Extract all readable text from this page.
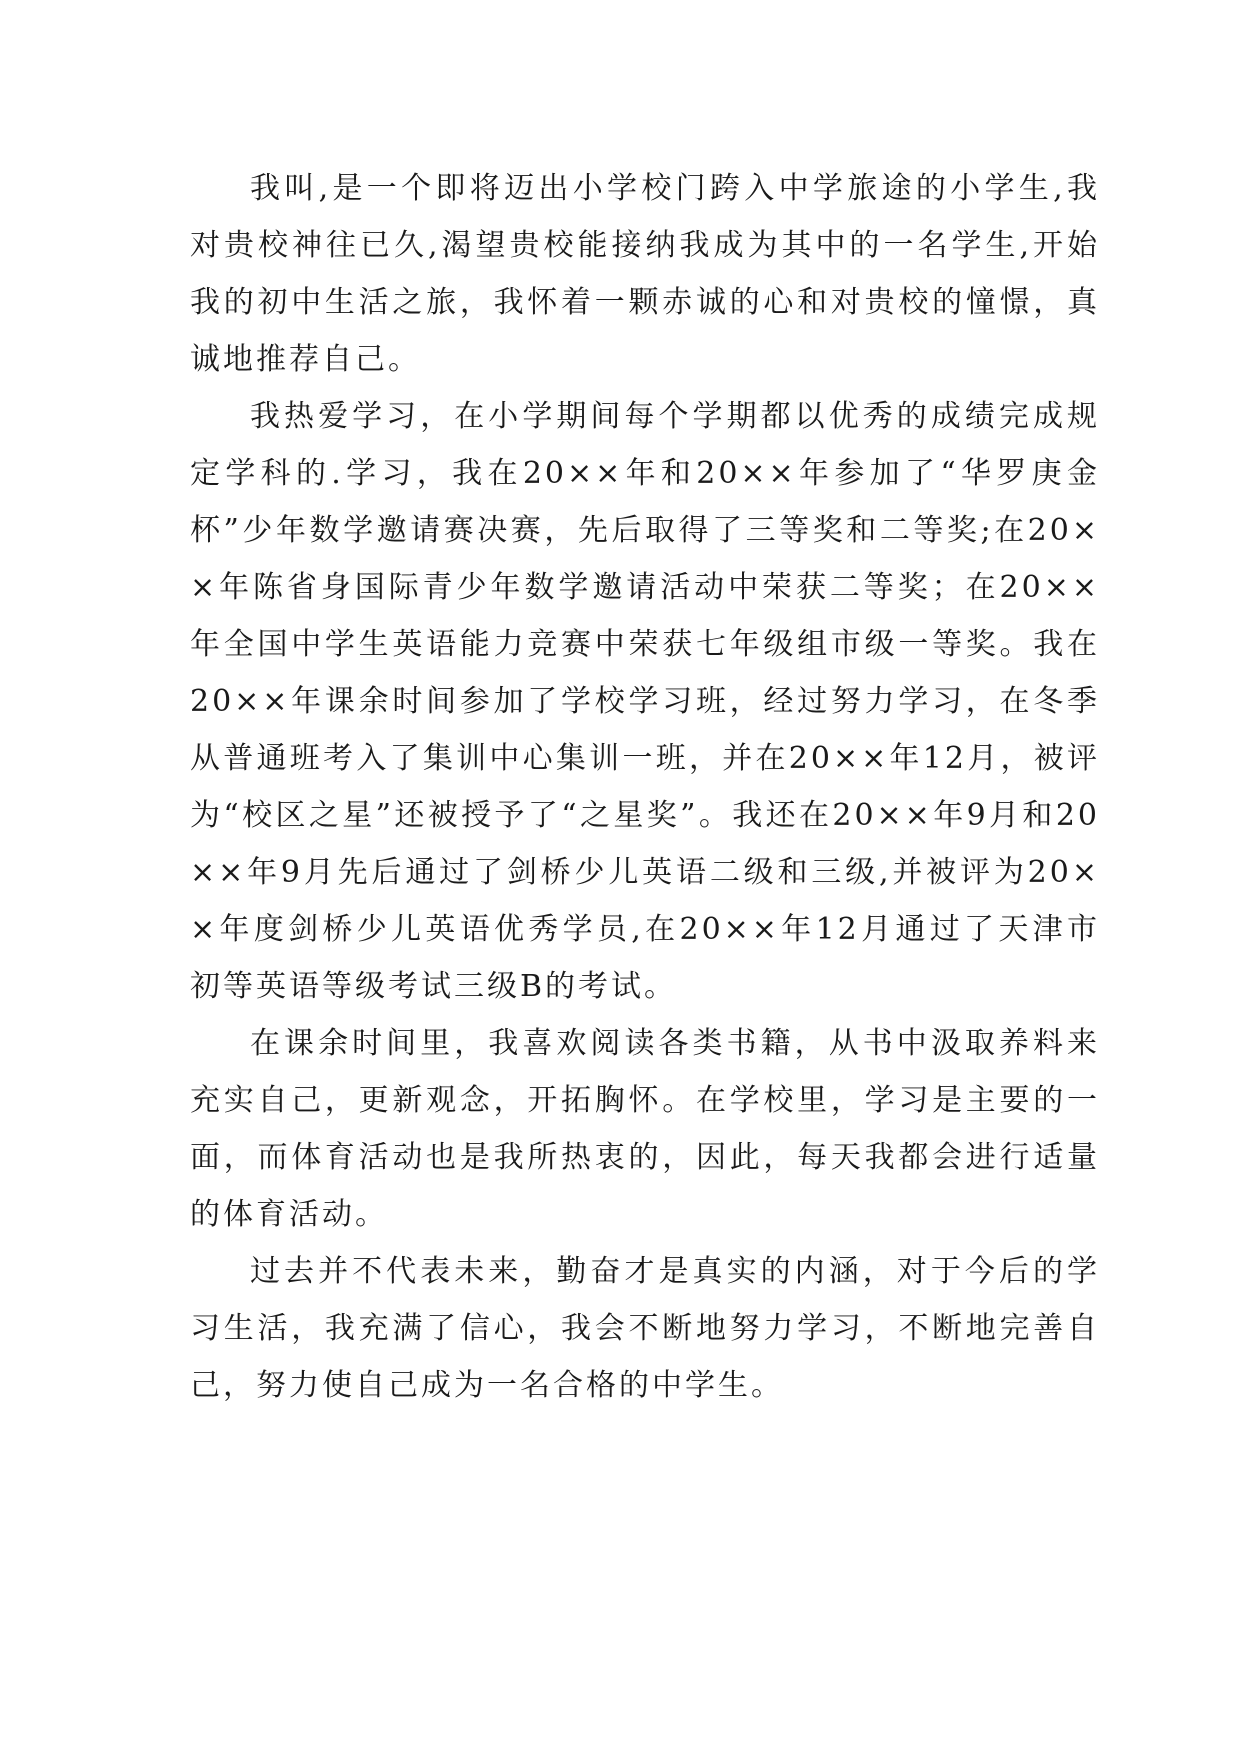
我叫,是一个即将迈出小学校门跨入中学旅途的小学生,我对贵校神往已久,渴望贵校能接纳我成为其中的一名学生,开始我的初中生活之旅，我怀着一颗赤诚的心和对贵校的憧憬，真诚地推荐自己。

我热爱学习，在小学期间每个学期都以优秀的成绩完成规定学科的.学习，我在20××年和20××年参加了“华罗庚金杯”少年数学邀请赛决赛，先后取得了三等奖和二等奖;在20××年陈省身国际青少年数学邀请活动中荣获二等奖；在20××年全国中学生英语能力竞赛中荣获七年级组市级一等奖。我在20××年课余时间参加了学校学习班，经过努力学习，在冬季从普通班考入了集训中心集训一班，并在20××年12月，被评为“校区之星”还被授予了“之星奖”。我还在20××年9月和20××年9月先后通过了剑桥少儿英语二级和三级,并被评为20××年度剑桥少儿英语优秀学员,在20××年12月通过了天津市初等英语等级考试三级B的考试。

在课余时间里，我喜欢阅读各类书籍，从书中汲取养料来充实自己，更新观念，开拓胸怀。在学校里，学习是主要的一面，而体育活动也是我所热衷的，因此，每天我都会进行适量的体育活动。

过去并不代表未来，勤奋才是真实的内涵，对于今后的学习生活，我充满了信心，我会不断地努力学习，不断地完善自己，努力使自己成为一名合格的中学生。
